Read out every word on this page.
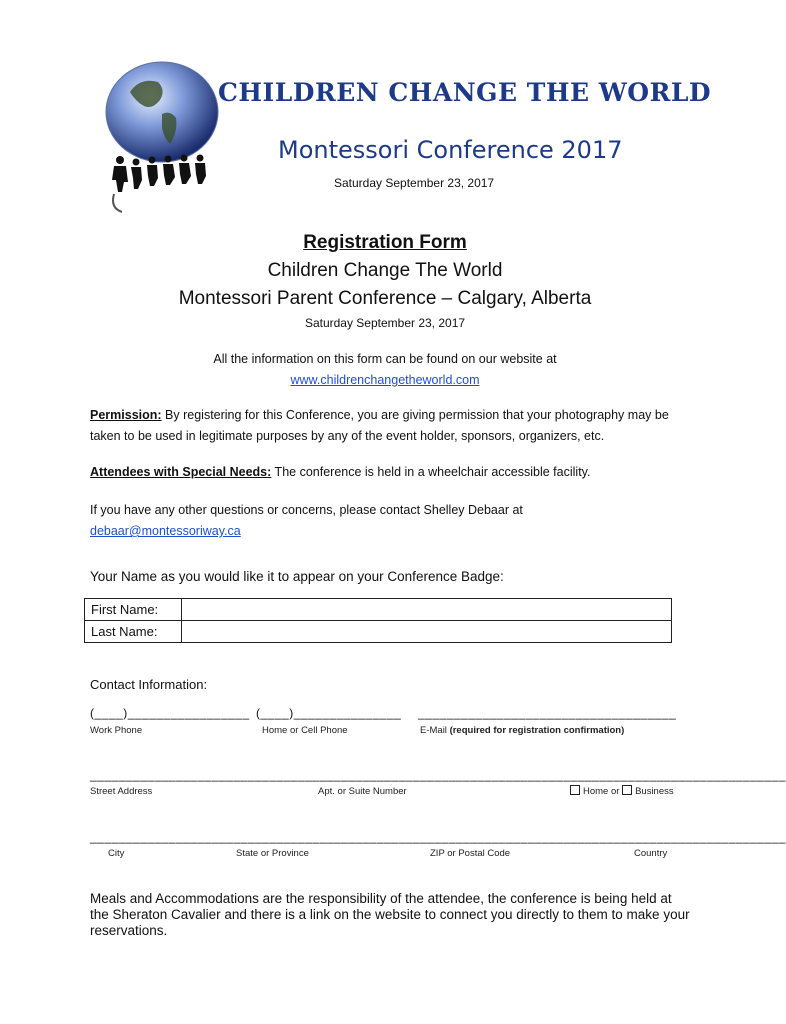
CHILDREN CHANGE THE WORLD
Montessori Conference 2017
Saturday September 23, 2017
Registration Form
Children Change The World
Montessori Parent Conference – Calgary, Alberta
Saturday September 23, 2017
All the information on this form can be found on our website at
www.childrenchangetheworld.com
Permission: By registering for this Conference, you are giving permission that your photography may be taken to be used in legitimate purposes by any of the event holder, sponsors, organizers, etc.
Attendees with Special Needs: The conference is held in a wheelchair accessible facility.
If you have any other questions or concerns, please contact Shelley Debaar at
debaar@montessoriway.ca
Your Name as you would like it to appear on your Conference Badge:
First Name:	
Last Name:	
Contact Information:
(____)_________________ (____)_______________	____________________________________
Work Phone	Home or Cell Phone	E-Mail (required for registration confirmation)
_________________________________________________________________________________________________
Street Address	Apt. or Suite Number	Home or Business
_________________________________________________________________________________________________
City	State or Province	ZIP or Postal Code	Country
Meals and Accommodations are the responsibility of the attendee, the conference is being held at the Sheraton Cavalier and there is a link on the website to connect you directly to them to make your reservations.
